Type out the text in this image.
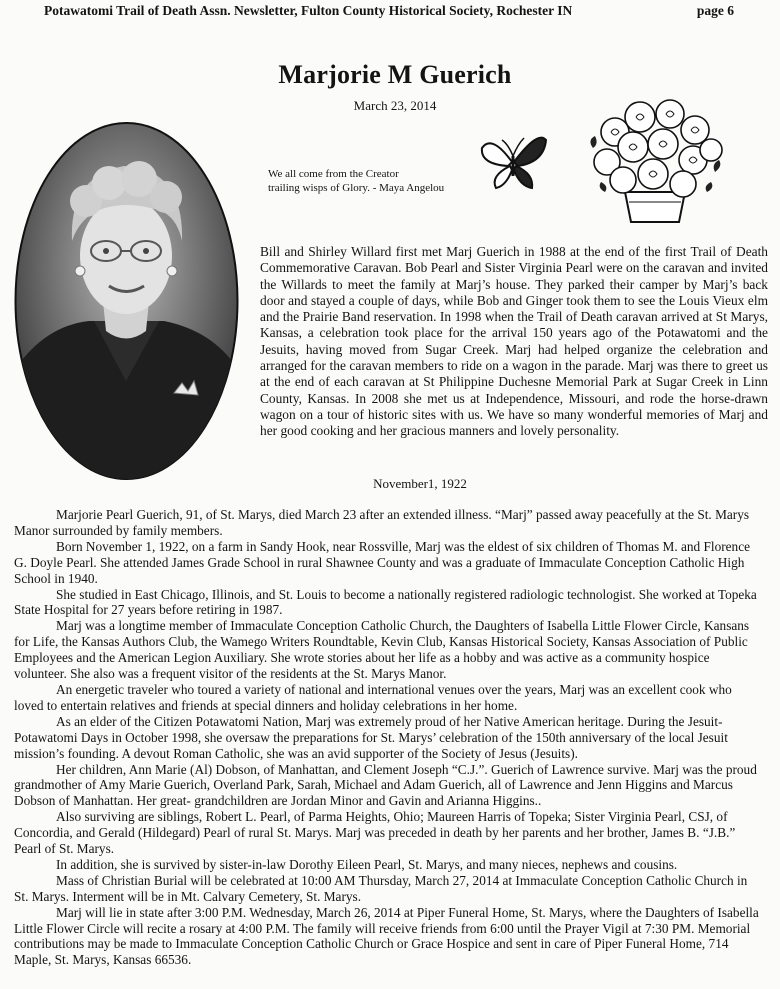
Potawatomi Trail of Death Assn. Newsletter, Fulton County Historical Society, Rochester IN	page 6
Marjorie M Guerich
March 23, 2014
We all come from the Creator
trailing wisps of Glory. - Maya Angelou
Bill and Shirley Willard first met Marj Guerich in 1988 at the end of the first Trail of Death Commemorative Caravan. Bob Pearl and Sister Virginia Pearl were on the caravan and invited the Willards to meet the family at Marj’s house. They parked their camper by Marj’s back door and stayed a couple of days, while Bob and Ginger took them to see the Louis Vieux elm and the Prairie Band reservation. In 1998 when the Trail of Death caravan arrived at St Marys, Kansas, a celebration took place for the arrival 150 years ago of the Potawatomi and the Jesuits, having moved from Sugar Creek. Marj had helped organize the celebration and arranged for the caravan members to ride on a wagon in the parade. Marj was there to greet us at the end of each caravan at St Philippine Duchesne Memorial Park at Sugar Creek in Linn County, Kansas. In 2008 she met us at Independence, Missouri, and rode the horse-drawn wagon on a tour of historic sites with us. We have so many wonderful memories of Marj and her good cooking and her gracious manners and lovely personality.
November1, 1922

Marjorie Pearl Guerich, 91, of St. Marys, died March 23 after an extended illness. “Marj” passed away peacefully at the St. Marys Manor surrounded by family members.

Born November 1, 1922, on a farm in Sandy Hook, near Rossville, Marj was the eldest of six children of Thomas M. and Florence G. Doyle Pearl. She attended James Grade School in rural Shawnee County and was a graduate of Immaculate Conception Catholic High School in 1940.

She studied in East Chicago, Illinois, and St. Louis to become a nationally registered radiologic technologist. She worked at Topeka State Hospital for 27 years before retiring in 1987.

Marj was a longtime member of Immaculate Conception Catholic Church, the Daughters of Isabella Little Flower Circle, Kansans for Life, the Kansas Authors Club, the Wamego Writers Roundtable, Kevin Club, Kansas Historical Society, Kansas Association of Public Employees and the American Legion Auxiliary. She wrote stories about her life as a hobby and was active as a community hospice volunteer. She also was a frequent visitor of the residents at the St. Marys Manor.

An energetic traveler who toured a variety of national and international venues over the years, Marj was an excellent cook who loved to entertain relatives and friends at special dinners and holiday celebrations in her home.

As an elder of the Citizen Potawatomi Nation, Marj was extremely proud of her Native American heritage. During the Jesuit-Potawatomi Days in October 1998, she oversaw the preparations for St. Marys’ celebration of the 150th anniversary of the local Jesuit mission’s founding. A devout Roman Catholic, she was an avid supporter of the Society of Jesus (Jesuits).

Her children, Ann Marie (Al) Dobson, of Manhattan, and Clement Joseph “C.J.”. Guerich of Lawrence survive. Marj was the proud grandmother of Amy Marie Guerich, Overland Park, Sarah, Michael and Adam Guerich, all of Lawrence and Jenn Higgins and Marcus Dobson of Manhattan. Her great- grandchildren are Jordan Minor and Gavin and Arianna Higgins..

Also surviving are siblings, Robert L. Pearl, of Parma Heights, Ohio; Maureen Harris of Topeka; Sister Virginia Pearl, CSJ, of Concordia, and Gerald (Hildegard) Pearl of rural St. Marys. Marj was preceded in death by her parents and her brother, James B. “J.B.” Pearl of St. Marys.

In addition, she is survived by sister-in-law Dorothy Eileen Pearl, St. Marys, and many nieces, nephews and cousins.

Mass of Christian Burial will be celebrated at 10:00 AM Thursday, March 27, 2014 at Immaculate Conception Catholic Church in St. Marys. Interment will be in Mt. Calvary Cemetery, St. Marys.

Marj will lie in state after 3:00 P.M. Wednesday, March 26, 2014 at Piper Funeral Home, St. Marys, where the Daughters of Isabella Little Flower Circle will recite a rosary at 4:00 P.M. The family will receive friends from 6:00 until the Prayer Vigil at 7:30 PM. Memorial contributions may be made to Immaculate Conception Catholic Church or Grace Hospice and sent in care of Piper Funeral Home, 714 Maple, St. Marys, Kansas 66536.
